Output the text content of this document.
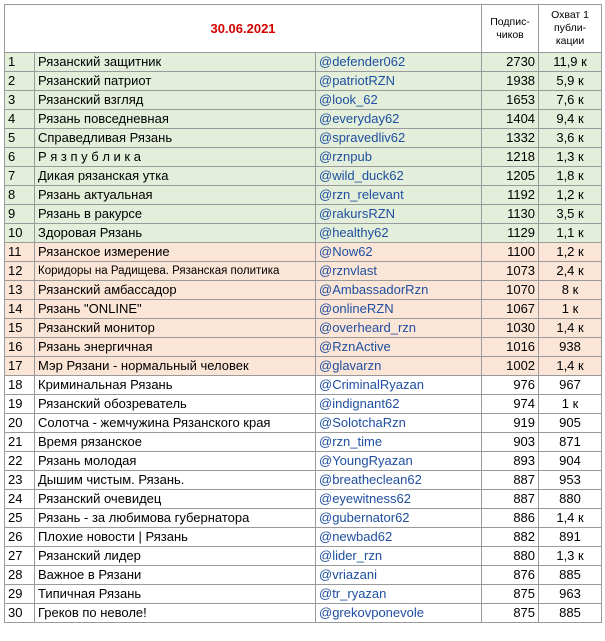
30.06.2021			Подпис-чиков	Охват 1 публи-кации
1	Рязанский защитник	@defender062	2730	11,9 к
2	Рязанский патриот	@patriotRZN	1938	5,9 к
3	Рязанский взгляд	@look_62	1653	7,6 к
4	Рязань повседневная	@everyday62	1404	9,4 к
5	Справедливая Рязань	@spravedliv62	1332	3,6 к
6	Р я з п у б л и к а	@rznpub	1218	1,3 к
7	Дикая рязанская утка	@wild_duck62	1205	1,8 к
8	Рязань актуальная	@rzn_relevant	1192	1,2 к
9	Рязань в ракурсе	@rakursRZN	1130	3,5 к
10	Здоровая Рязань	@healthy62	1129	1,1 к
11	Рязанское измерение	@Now62	1100	1,2 к
12	Коридоры на Радищева. Рязанская политика	@rznvlast	1073	2,4 к
13	Рязанский амбассадор	@AmbassadorRzn	1070	8 к
14	Рязань "ONLINE"	@onlineRZN	1067	1 к
15	Рязанский монитор	@overheard_rzn	1030	1,4 к
16	Рязань энергичная	@RznActive	1016	938
17	Мэр Рязани - нормальный человек	@glavarzn	1002	1,4 к
18	Криминальная Рязань	@CriminalRyazan	976	967
19	Рязанский обозреватель	@indignant62	974	1 к
20	Солотча - жемчужина Рязанского края	@SolotchaRzn	919	905
21	Время рязанское	@rzn_time	903	871
22	Рязань молодая	@YoungRyazan	893	904
23	Дышим чистым. Рязань.	@breatheclean62	887	953
24	Рязанский очевидец	@eyewitness62	887	880
25	Рязань - за любимова губернатора	@gubernator62	886	1,4 к
26	Плохие новости | Рязань	@newbad62	882	891
27	Рязанский лидер	@lider_rzn	880	1,3 к
28	Важное в Рязани	@vriazani	876	885
29	Типичная Рязань	@tr_ryazan	875	963
30	Греков по неволе!	@grekovponevole	875	885
